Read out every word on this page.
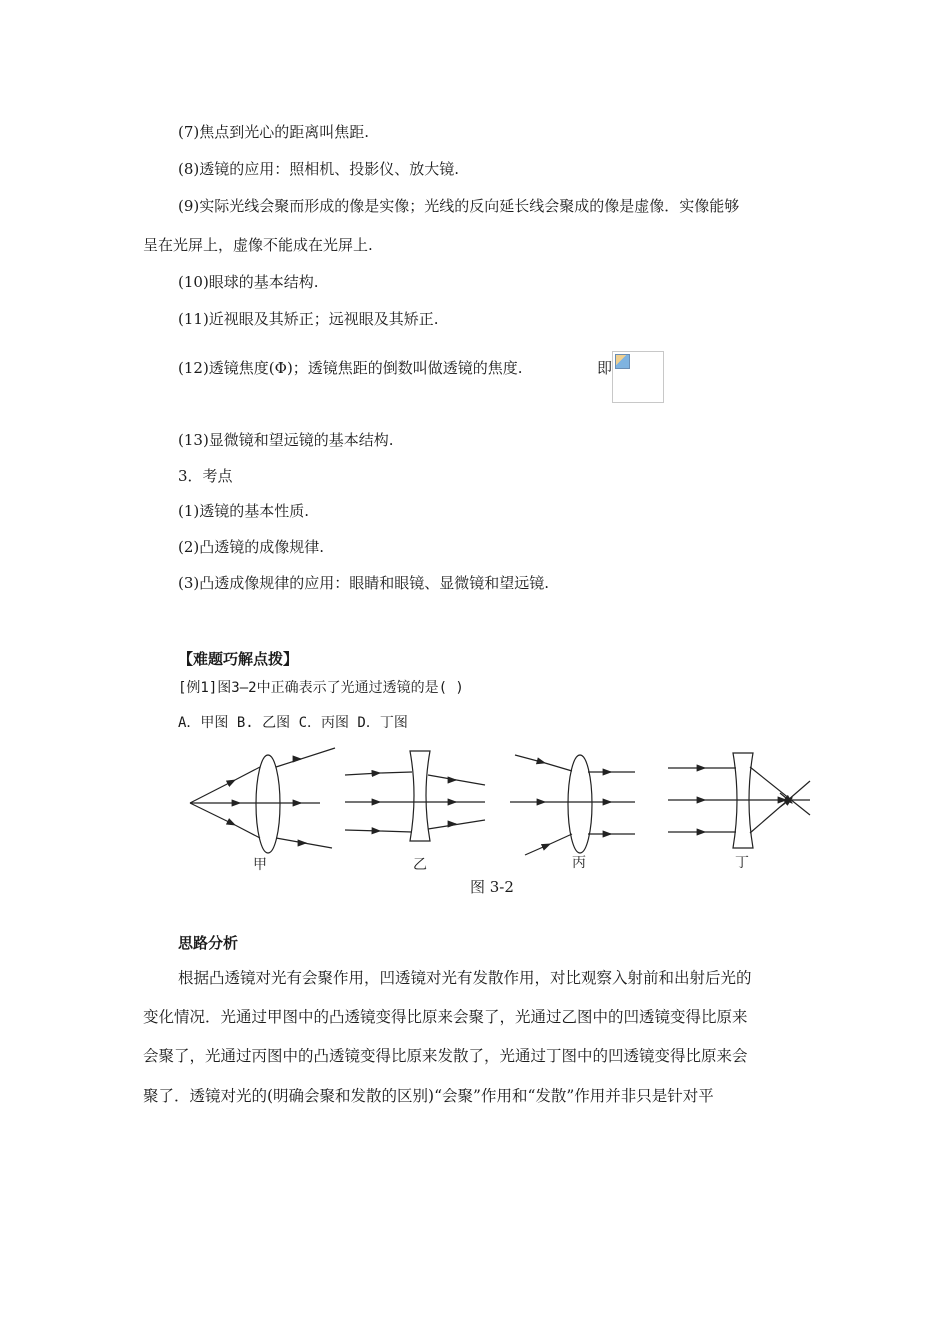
(7)焦点到光心的距离叫焦距.
(8)透镜的应用：照相机、投影仪、放大镜.
(9)实际光线会聚而形成的像是实像；光线的反向延长线会聚成的像是虚像．实像能够
呈在光屏上，虚像不能成在光屏上.
(10)眼球的基本结构.
(11)近视眼及其矫正；远视眼及其矫正.
(12)透镜焦度(Φ)；透镜焦距的倒数叫做透镜的焦度.	即
(13)显微镜和望远镜的基本结构.
3．考点
(1)透镜的基本性质.
(2)凸透镜的成像规律.
(3)凸透成像规律的应用：眼睛和眼镜、显微镜和望远镜.
【难题巧解点拨】
[例1]图3—2中正确表示了光通过透镜的是( )
A．甲图 B. 乙图 C．丙图 D．丁图
甲	乙	丙	丁
图 3-2
思路分析
根据凸透镜对光有会聚作用，凹透镜对光有发散作用，对比观察入射前和出射后光的
变化情况．光通过甲图中的凸透镜变得比原来会聚了，光通过乙图中的凹透镜变得比原来
会聚了，光通过丙图中的凸透镜变得比原来发散了，光通过丁图中的凹透镜变得比原来会
聚了．透镜对光的(明确会聚和发散的区别)“会聚”作用和“发散”作用并非只是针对平
